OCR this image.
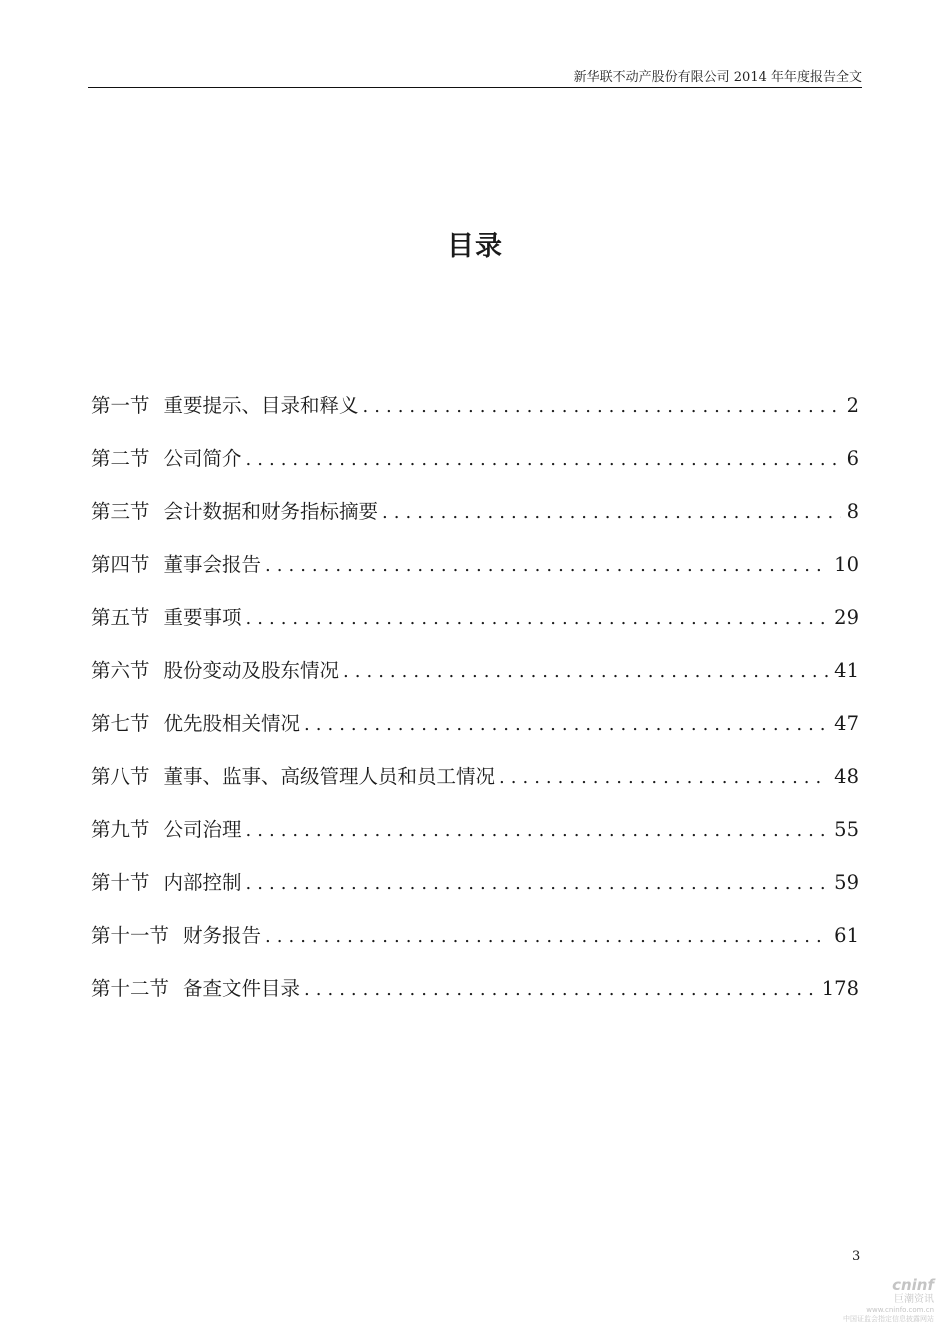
新华联不动产股份有限公司 2014 年年度报告全文
目录
第一节 重要提示、目录和释义 .....	2
第二节 公司简介 .....	6
第三节 会计数据和财务指标摘要 .....	8
第四节 董事会报告 .....	10
第五节 重要事项 .....	29
第六节 股份变动及股东情况 .....	41
第七节 优先股相关情况 .....	47
第八节 董事、监事、高级管理人员和员工情况 .....	48
第九节 公司治理 .....	55
第十节 内部控制 .....	59
第十一节 财务报告 .....	61
第十二节 备查文件目录 .....	178
3
cninf
巨潮资讯
www.cninfo.com.cn
中国证监会指定信息披露网站
